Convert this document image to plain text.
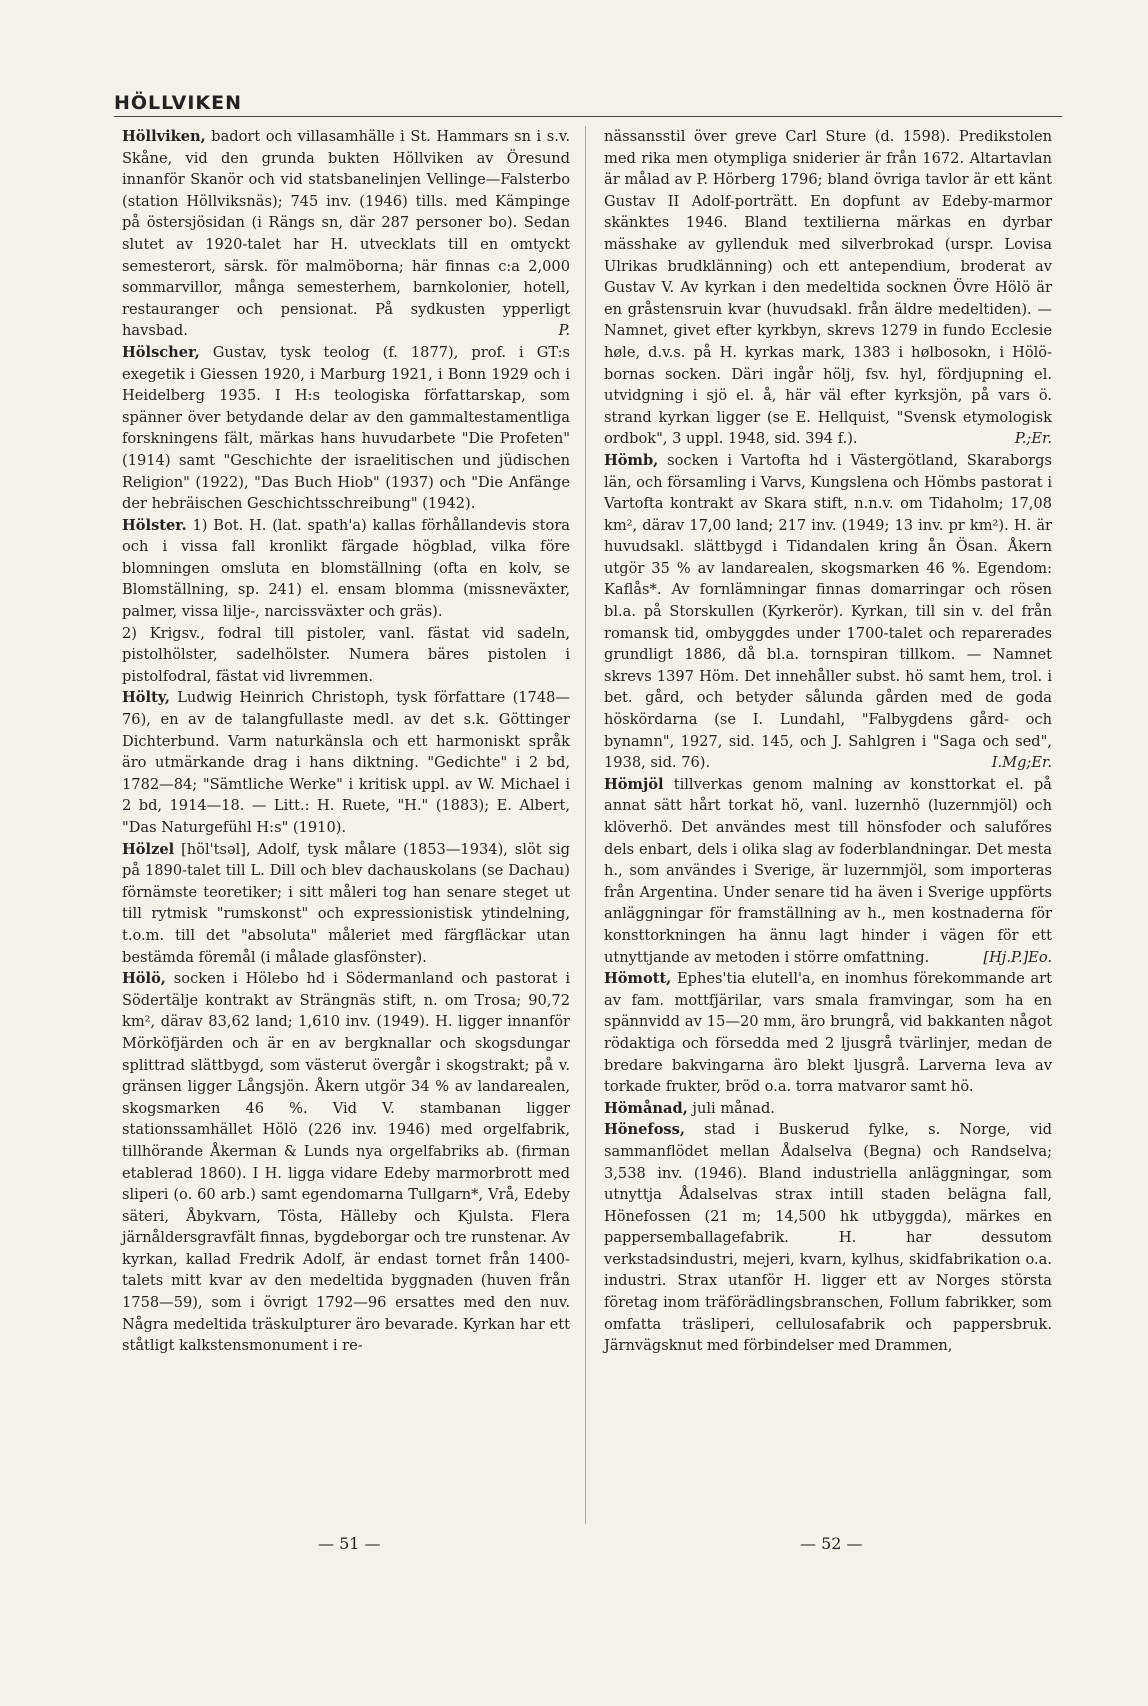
HÖLLVIKEN

Höllviken, badort och villasamhälle i St. Hammars sn i s.v. Skåne, vid den grunda bukten Höllviken av Öresund innanför Skanör och vid statsbanelinjen Vellinge—Falsterbo (station Höllviksnäs); 745 inv. (1946) tills. med Kämpinge på östersjösidan (i Rängs sn, där 287 personer bo). Sedan slutet av 1920-talet har H. utvecklats till en omtyckt semesterort, särsk. för malmöborna; här finnas c:a 2,000 sommarvillor, många semesterhem, barnkolonier, hotell, restauranger och pensionat. På sydkusten ypperligt havsbad.	P.

Hölscher, Gustav, tysk teolog (f. 1877), prof. i GT:s exegetik i Giessen 1920, i Marburg 1921, i Bonn 1929 och i Heidelberg 1935. I H:s teologiska författarskap, som spänner över betydande delar av den gammaltestamentliga forskningens fält, märkas hans huvudarbete "Die Profeten" (1914) samt "Geschichte der israelitischen und jüdischen Religion" (1922), "Das Buch Hiob" (1937) och "Die Anfänge der hebräischen Geschichtsschreibung" (1942).

Hölster. 1) Bot. H. (lat. spath'a) kallas förhållandevis stora och i vissa fall kronlikt färgade högblad, vilka före blomningen omsluta en blomställning (ofta en kolv, se Blomställning, sp. 241) el. ensam blomma (missneväxter, palmer, vissa lilje-, narcissväxter och gräs).

2) Krigsv., fodral till pistoler, vanl. fästat vid sadeln, pistolhölster, sadelhölster. Numera bäres pistolen i pistolfodral, fästat vid livremmen.

Hölty, Ludwig Heinrich Christoph, tysk författare (1748—76), en av de talangfullaste medl. av det s.k. Göttinger Dichterbund. Varm naturkänsla och ett harmoniskt språk äro utmärkande drag i hans diktning. "Gedichte" i 2 bd, 1782—84; "Sämtliche Werke" i kritisk uppl. av W. Michael i 2 bd, 1914—18. — Litt.: H. Ruete, "H." (1883); E. Albert, "Das Naturgefühl H:s" (1910).

Hölzel [höl'tsəl], Adolf, tysk målare (1853—1934), slöt sig på 1890-talet till L. Dill och blev dachauskolans (se Dachau) förnämste teoretiker; i sitt måleri tog han senare steget ut till rytmisk "rumskonst" och expressionistisk ytindelning, t.o.m. till det "absoluta" måleriet med färgfläckar utan bestämda föremål (i målade glasfönster).

Hölö, socken i Hölebo hd i Södermanland och pastorat i Södertälje kontrakt av Strängnäs stift, n. om Trosa; 90,72 km², därav 83,62 land; 1,610 inv. (1949). H. ligger innanför Mörköfjärden och är en av bergknallar och skogsdungar splittrad slättbygd, som västerut övergår i skogstrakt; på v. gränsen ligger Långsjön. Åkern utgör 34 % av landarealen, skogsmarken 46 %. Vid V. stambanan ligger stationssamhället Hölö (226 inv. 1946) med orgelfabrik, tillhörande Åkerman & Lunds nya orgelfabriks ab. (firman etablerad 1860). I H. ligga vidare Edeby marmorbrott med sliperi (o. 60 arb.) samt egendomarna Tullgarn*, Vrå, Edeby säteri, Åbykvarn, Tösta, Hälleby och Kjulsta. Flera järnåldersgravfält finnas, bygdeborgar och tre runstenar. Av kyrkan, kallad Fredrik Adolf, är endast tornet från 1400-talets mitt kvar av den medeltida byggnaden (huven från 1758—59), som i övrigt 1792—96 ersattes med den nuv. Några medeltida träskulpturer äro bevarade. Kyrkan har ett ståtligt kalkstensmonument i re-

nässansstil över greve Carl Sture (d. 1598). Predikstolen med rika men otympliga sniderier är från 1672. Altartavlan är målad av P. Hörberg 1796; bland övriga tavlor är ett känt Gustav II Adolf-porträtt. En dopfunt av Edeby-marmor skänktes 1946. Bland textilierna märkas en dyrbar mässhake av gyllenduk med silverbrokad (urspr. Lovisa Ulrikas brudklänning) och ett antependium, broderat av Gustav V. Av kyrkan i den medeltida socknen Övre Hölö är en gråstensruin kvar (huvudsakl. från äldre medeltiden). — Namnet, givet efter kyrkbyn, skrevs 1279 in fundo Ecclesie høle, d.v.s. på H. kyrkas mark, 1383 i hølbosokn, i Hölö-bornas socken. Däri ingår hölj, fsv. hyl, fördjupning el. utvidgning i sjö el. å, här väl efter kyrksjön, på vars ö. strand kyrkan ligger (se E. Hellquist, "Svensk etymologisk ordbok", 3 uppl. 1948, sid. 394 f.).	P.;Er.

Hömb, socken i Vartofta hd i Västergötland, Skaraborgs län, och församling i Varvs, Kungslena och Hömbs pastorat i Vartofta kontrakt av Skara stift, n.n.v. om Tidaholm; 17,08 km², därav 17,00 land; 217 inv. (1949; 13 inv. pr km²). H. är huvudsakl. slättbygd i Tidandalen kring ån Ösan. Åkern utgör 35 % av landarealen, skogsmarken 46 %. Egendom: Kaflås*. Av fornlämningar finnas domarringar och rösen bl.a. på Storskullen (Kyrkerör). Kyrkan, till sin v. del från romansk tid, ombyggdes under 1700-talet och reparerades grundligt 1886, då bl.a. tornspiran tillkom. — Namnet skrevs 1397 Höm. Det innehåller subst. hö samt hem, trol. i bet. gård, och betyder sålunda gården med de goda höskördarna (se I. Lundahl, "Falbygdens gård- och bynamn", 1927, sid. 145, och J. Sahlgren i "Saga och sed", 1938, sid. 76).	I.Mg;Er.

Hömjöl tillverkas genom malning av konsttorkat el. på annat sätt hårt torkat hö, vanl. luzernhö (luzernmjöl) och klöverhö. Det användes mest till hönsfoder och salufőres dels enbart, dels i olika slag av foderblandningar. Det mesta h., som användes i Sverige, är luzernmjöl, som importeras från Argentina. Under senare tid ha även i Sverige uppförts anläggningar för framställning av h., men kostnaderna för konsttorkningen ha ännu lagt hinder i vägen för ett utnyttjande av metoden i större omfattning.	[Hj.P.]Eo.

Hömott, Ephes'tia elutell'a, en inomhus förekommande art av fam. mottfjärilar, vars smala framvingar, som ha en spännvidd av 15—20 mm, äro brungrå, vid bakkanten något rödaktiga och försedda med 2 ljusgrå tvärlinjer, medan de bredare bakvingarna äro blekt ljusgrå. Larverna leva av torkade frukter, bröd o.a. torra matvaror samt hö.

Hömånad, juli månad.

Hönefoss, stad i Buskerud fylke, s. Norge, vid sammanflödet mellan Ådalselva (Begna) och Randselva; 3,538 inv. (1946). Bland industriella anläggningar, som utnyttja Ådalselvas strax intill staden belägna fall, Hönefossen (21 m; 14,500 hk utbyggda), märkes en pappersemballagefabrik. H. har dessutom verkstadsindustri, mejeri, kvarn, kylhus, skidfabrikation o.a. industri. Strax utanför H. ligger ett av Norges största företag inom träförädlingsbranschen, Follum fabrikker, som omfatta träsliperi, cellulosafabrik och pappersbruk. Järnvägsknut med förbindelser med Drammen,

— 51 —	— 52 —
